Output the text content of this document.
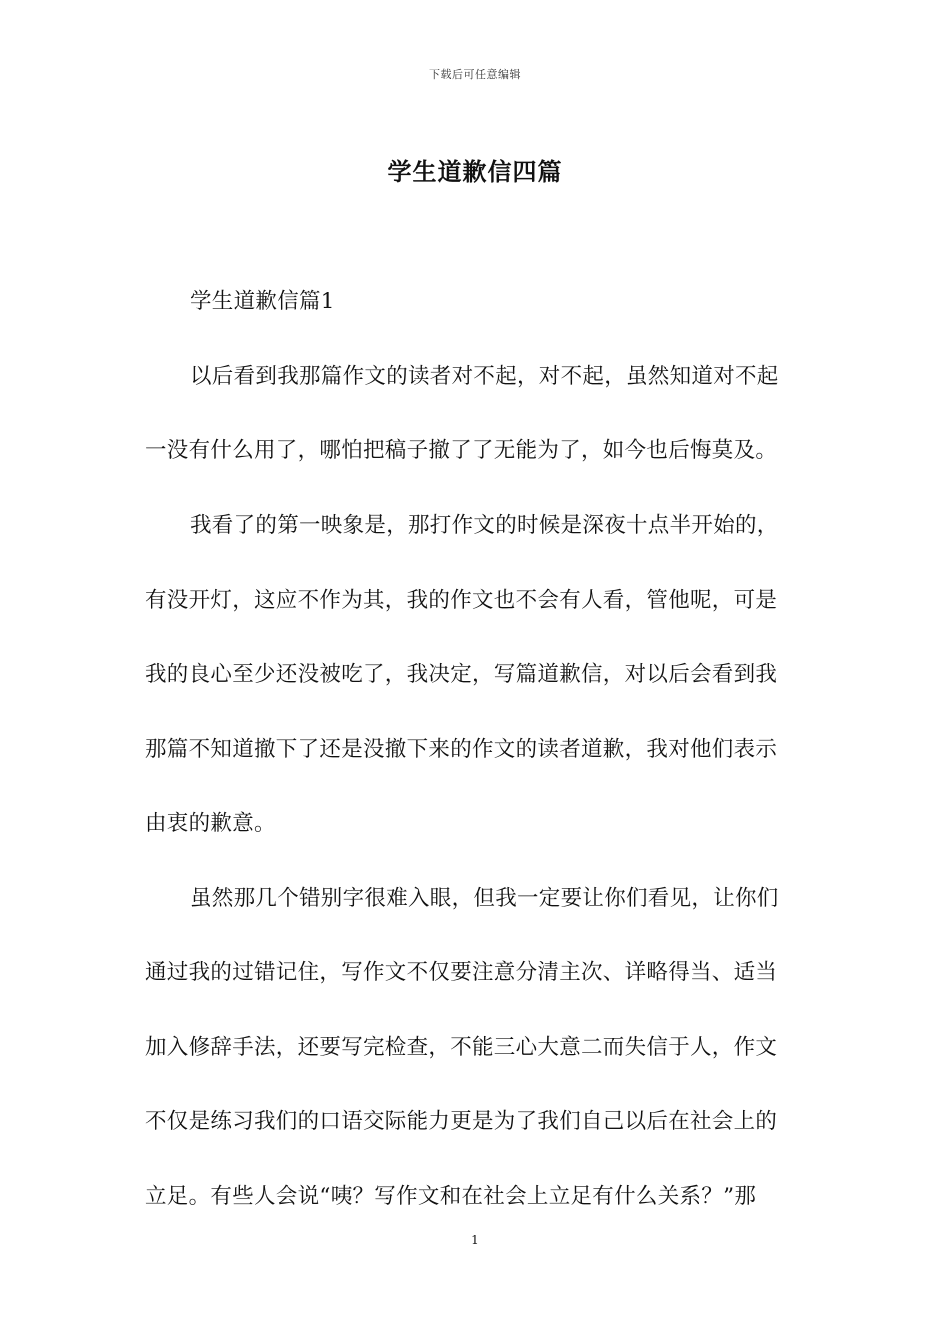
下载后可任意编辑
学生道歉信四篇
学生道歉信篇1
以后看到我那篇作文的读者对不起，对不起，虽然知道对不起
一没有什么用了，哪怕把稿子撤了了无能为了，如今也后悔莫及。
我看了的第一映象是，那打作文的时候是深夜十点半开始的，
有没开灯，这应不作为其，我的作文也不会有人看，管他呢，可是
我的良心至少还没被吃了，我决定，写篇道歉信，对以后会看到我
那篇不知道撤下了还是没撤下来的作文的读者道歉，我对他们表示
由衷的歉意。
虽然那几个错别字很难入眼，但我一定要让你们看见，让你们
通过我的过错记住，写作文不仅要注意分清主次、详略得当、适当
加入修辞手法，还要写完检查，不能三心大意二而失信于人，作文
不仅是练习我们的口语交际能力更是为了我们自己以后在社会上的
立足。有些人会说“咦？写作文和在社会上立足有什么关系？”那
1
